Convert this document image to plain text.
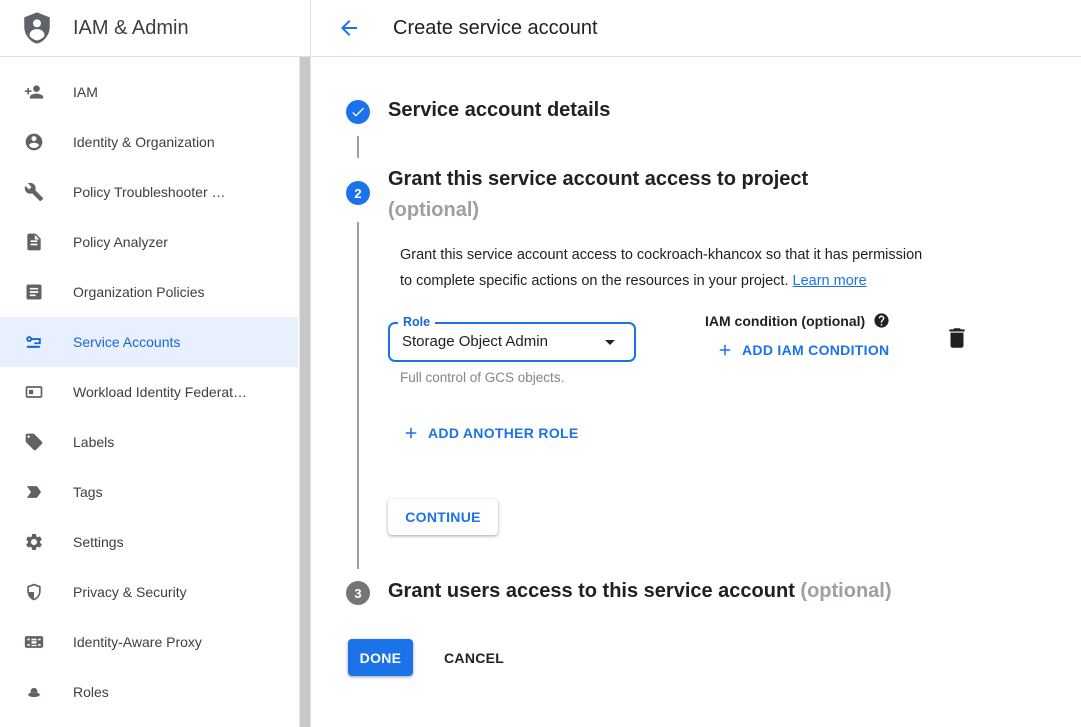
IAM & Admin	Create service account
IAM
Identity & Organization
Policy Troubleshooter …
Policy Analyzer
Organization Policies
Service Accounts
Workload Identity Federat…
Labels
Tags
Settings
Privacy & Security
Identity-Aware Proxy
Roles
Service account details
2
Grant this service account access to project
(optional)
Grant this service account access to cockroach-khancox so that it has permission
to complete specific actions on the resources in your project. Learn more
Role
Storage Object Admin
Full control of GCS objects.
IAM condition (optional)
ADD IAM CONDITION
ADD ANOTHER ROLE
CONTINUE
3 Grant users access to this service account (optional)
DONE	CANCEL
